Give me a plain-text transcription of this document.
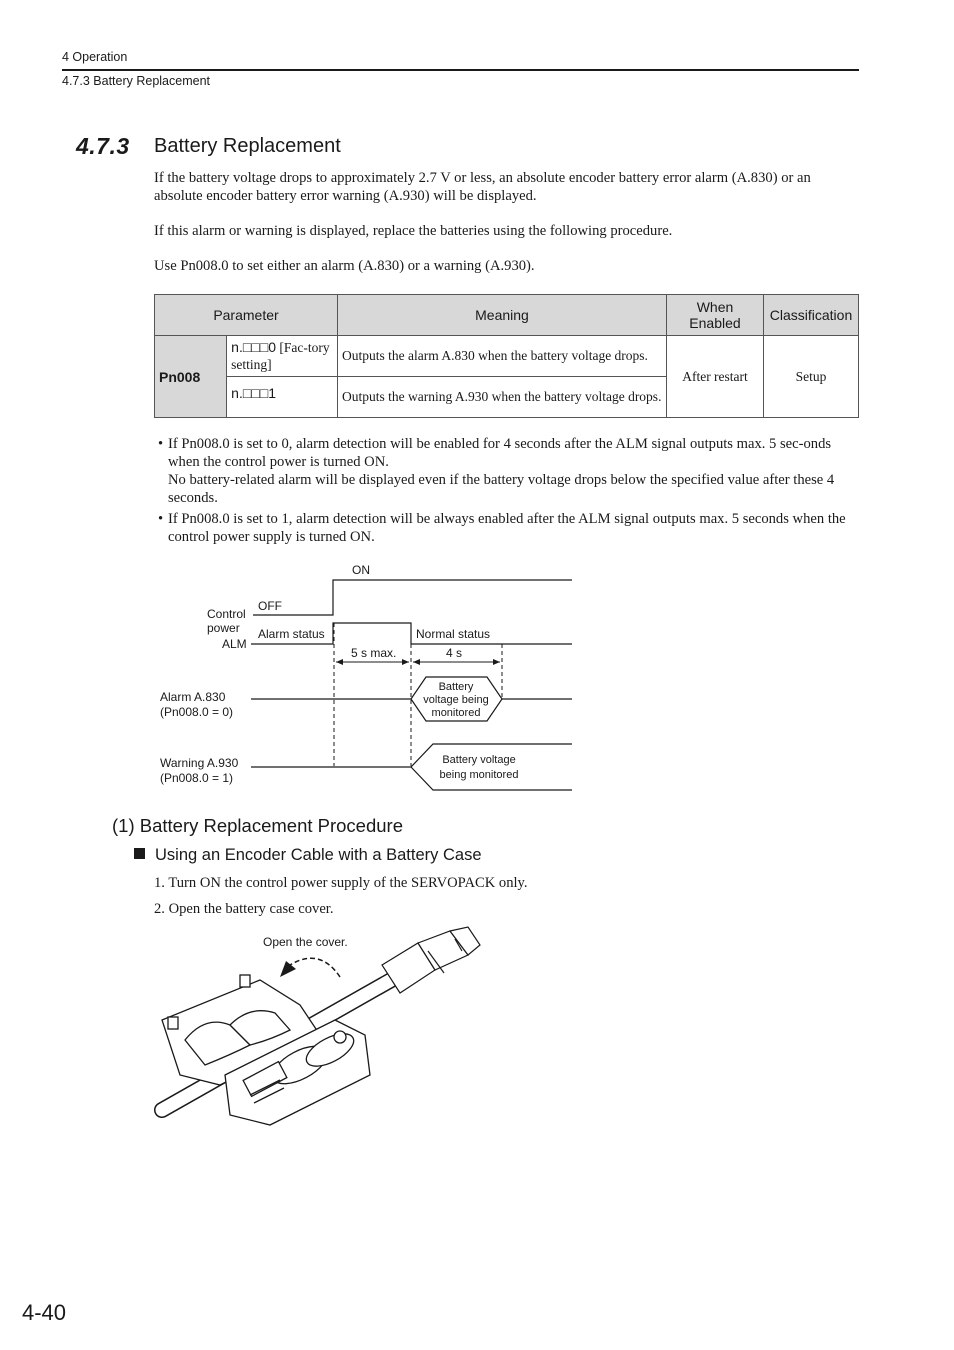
4 Operation
4.7.3 Battery Replacement
4.7.3 Battery Replacement
If the battery voltage drops to approximately 2.7 V or less, an absolute encoder battery error alarm (A.830) or an absolute encoder battery error warning (A.930) will be displayed.
If this alarm or warning is displayed, replace the batteries using the following procedure.
Use Pn008.0 to set either an alarm (A.830) or a warning (A.930).
Parameter		Meaning	When Enabled	Classification
Pn008	n.□□□0 [Fac-tory setting]	Outputs the alarm A.830 when the battery voltage drops.	After restart	Setup
	n.□□□1	Outputs the warning A.930 when the battery voltage drops.		
• If Pn008.0 is set to 0, alarm detection will be enabled for 4 seconds after the ALM signal outputs max. 5 sec-onds when the control power is turned ON.
No battery-related alarm will be displayed even if the battery voltage drops below the specified value after these 4 seconds.
• If Pn008.0 is set to 1, alarm detection will be always enabled after the ALM signal outputs max. 5 seconds when the control power supply is turned ON.
Control power
OFF
ON
ALM
Alarm status	Normal status
5 s max.	4 s
Alarm A.830
(Pn008.0 = 0)
Battery
voltage being
monitored
Warning A.930
(Pn008.0 = 1)
Battery voltage
being monitored
(1) Battery Replacement Procedure
Using an Encoder Cable with a Battery Case
1. Turn ON the control power supply of the SERVOPACK only.
2. Open the battery case cover.
Open the cover.
4-40
